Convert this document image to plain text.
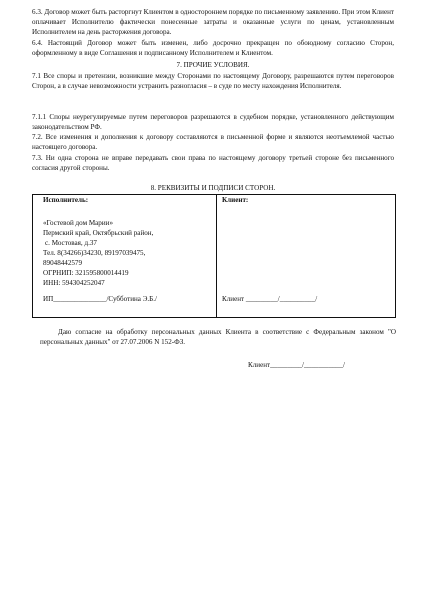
6.3. Договор может быть расторгнут Клиентом в одностороннем порядке по письменному заявлению. При этом Клиент оплачивает Исполнителю фактически понесенные затраты и оказанные услуги по ценам, установленным Исполнителем на день расторжения договора.

6.4. Настоящий Договор может быть изменен, либо досрочно прекращен по обоюдному согласию Сторон, оформленному в виде Соглашения и подписанному Исполнителем и Клиентом.

7. ПРОЧИЕ УСЛОВИЯ.

7.1 Все споры и претензии, возникшие между Сторонами по настоящему Договору, разрешаются путем переговоров Сторон, а в случае невозможности устранить разногласия – в суде по месту нахождения Исполнителя.

7.1.1 Споры неурегулируемые путем переговоров разрешаются в судебном порядке, установленного действующим законодательством РФ.

7.2. Все изменения и дополнения к договору составляются в письменной форме и являются неотъемлемой частью настоящего договора.

7.3. Ни одна сторона не вправе передавать свои права по настоящему договору третьей стороне без письменного согласия другой стороны.

8. РЕКВИЗИТЫ И ПОДПИСИ СТОРОН.

Исполнитель:
«Гостевой дом Марии»
Пермский край, Октябрьский район,
с. Мостовая, д.37
Тел. 8(34266)34230, 89197039475,
89048442579
ОГРНИП: 321595800014419
ИНН: 594304252047
ИП_______________/Субботина Э.Б./
Клиент:
Клиент _________/__________/
Даю согласие на обработку персональных данных Клиента в соответствие с Федеральным законом "О персональных данных" от 27.07.2006 N 152-ФЗ.
Клиент_________/___________/
